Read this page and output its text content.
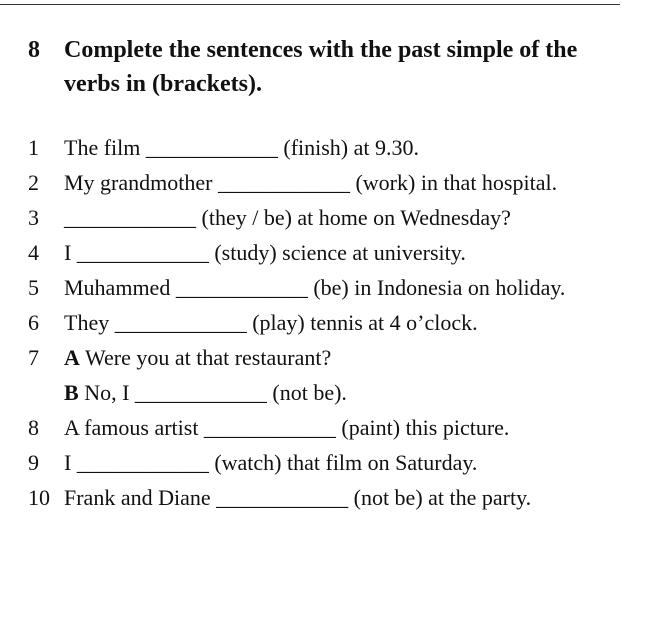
8 Complete the sentences with the past simple of the verbs in (brackets).
1 The film ____________ (finish) at 9.30.
2 My grandmother ____________ (work) in that hospital.
3 ____________ (they / be) at home on Wednesday?
4 I ____________ (study) science at university.
5 Muhammed ____________ (be) in Indonesia on holiday.
6 They ____________ (play) tennis at 4 o’clock.
7 A Were you at that restaurant?
B No, I ____________ (not be).
8 A famous artist ____________ (paint) this picture.
9 I ____________ (watch) that film on Saturday.
10 Frank and Diane ____________ (not be) at the party.
